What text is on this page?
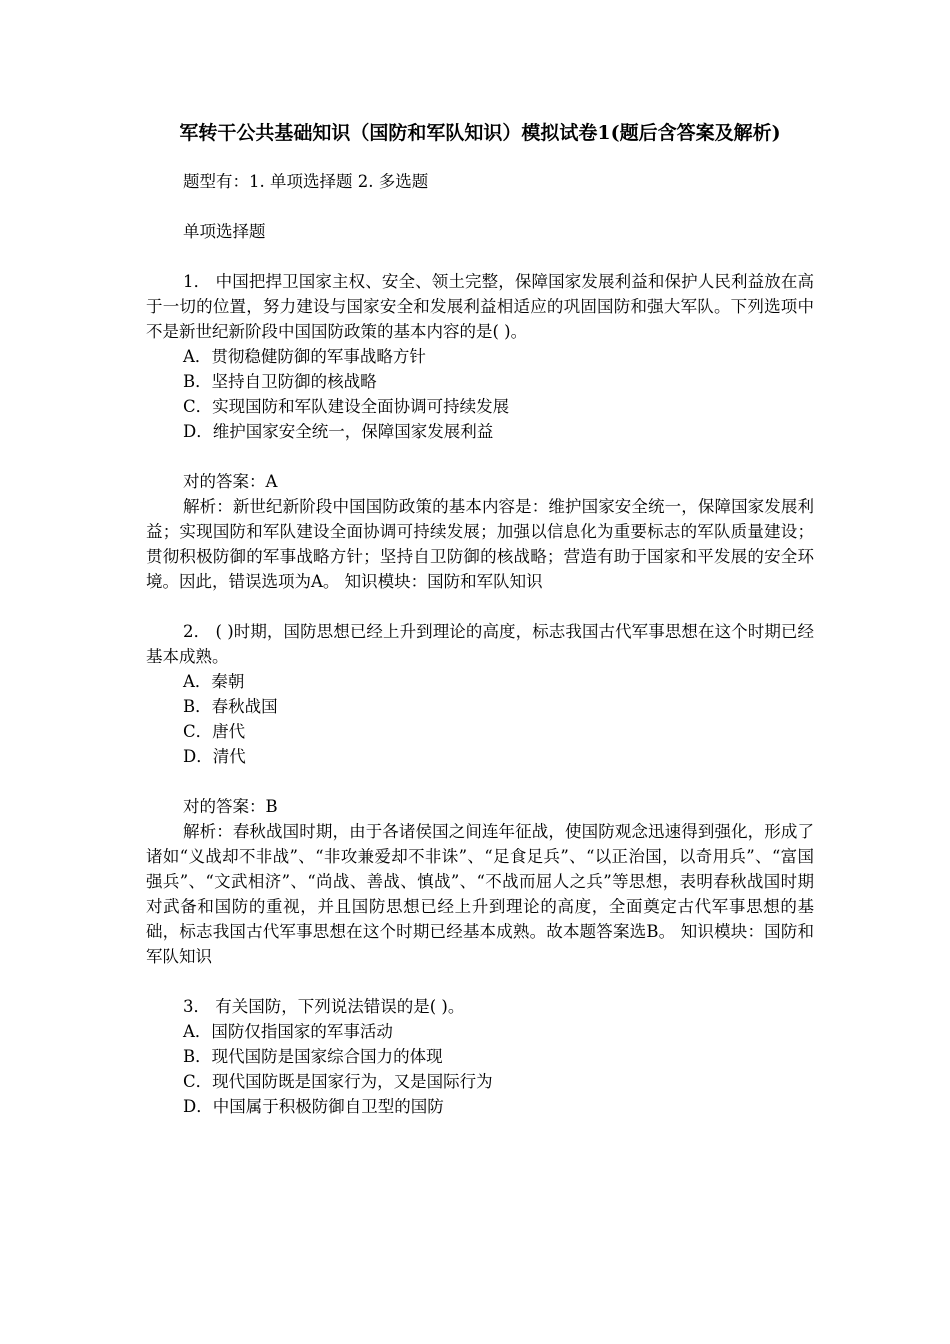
军转干公共基础知识（国防和军队知识）模拟试卷1(题后含答案及解析)

题型有：1. 单项选择题 2. 多选题

单项选择题

1． 中国把捍卫国家主权、安全、领土完整，保障国家发展利益和保护人民利益放在高于一切的位置，努力建设与国家安全和发展利益相适应的巩固国防和强大军队。下列选项中不是新世纪新阶段中国国防政策的基本内容的是( )。

A．贯彻稳健防御的军事战略方针

B．坚持自卫防御的核战略

C．实现国防和军队建设全面协调可持续发展

D．维护国家安全统一，保障国家发展利益

对的答案：A

解析：新世纪新阶段中国国防政策的基本内容是：维护国家安全统一，保障国家发展利益；实现国防和军队建设全面协调可持续发展；加强以信息化为重要标志的军队质量建设；贯彻积极防御的军事战略方针；坚持自卫防御的核战略；营造有助于国家和平发展的安全环境。因此，错误选项为A。 知识模块：国防和军队知识

2． ( )时期，国防思想已经上升到理论的高度，标志我国古代军事思想在这个时期已经基本成熟。

A．秦朝

B．春秋战国

C．唐代

D．清代

对的答案：B

解析：春秋战国时期，由于各诸侯国之间连年征战，使国防观念迅速得到强化，形成了诸如“义战却不非战”、“非攻兼爱却不非诛”、“足食足兵”、“以正治国，以奇用兵”、“富国强兵”、“文武相济”、“尚战、善战、慎战”、“不战而屈人之兵”等思想，表明春秋战国时期对武备和国防的重视，并且国防思想已经上升到理论的高度，全面奠定古代军事思想的基础，标志我国古代军事思想在这个时期已经基本成熟。故本题答案选B。 知识模块：国防和军队知识

3． 有关国防，下列说法错误的是( )。

A．国防仅指国家的军事活动

B．现代国防是国家综合国力的体现

C．现代国防既是国家行为，又是国际行为

D．中国属于积极防御自卫型的国防
